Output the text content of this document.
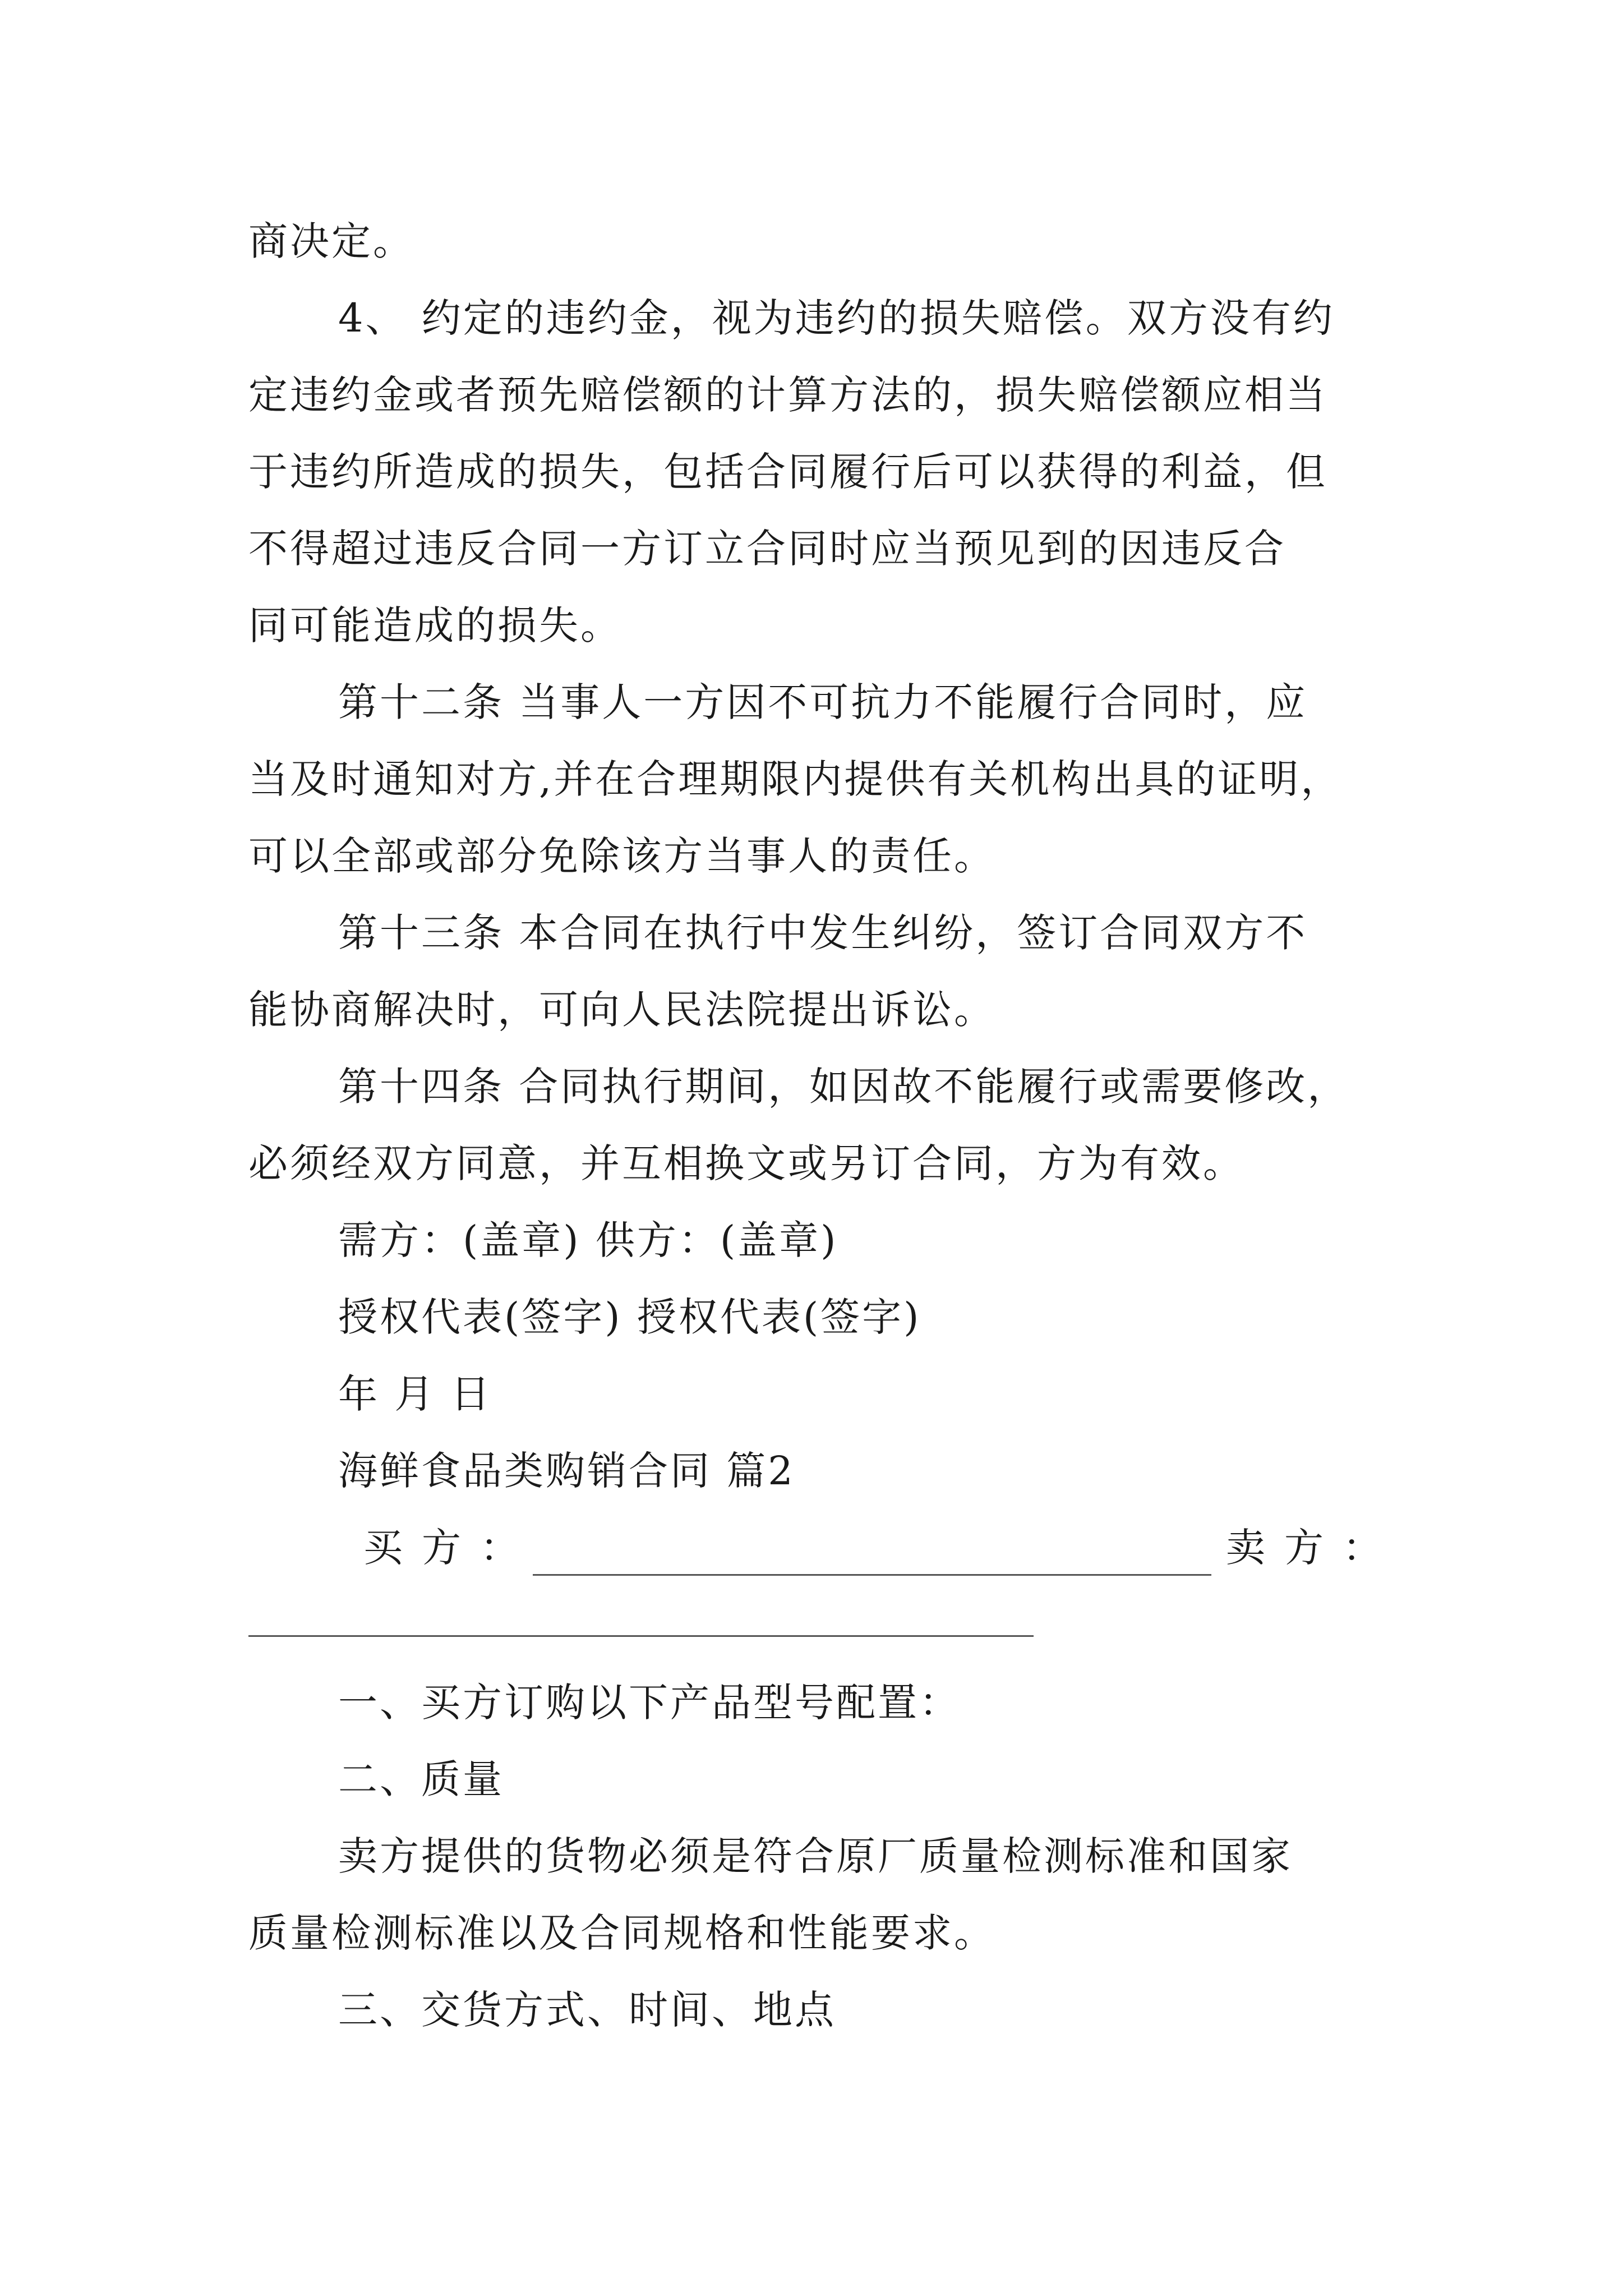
商决定。
4、 约定的违约金，视为违约的损失赔偿。双方没有约
定违约金或者预先赔偿额的计算方法的，损失赔偿额应相当
于违约所造成的损失，包括合同履行后可以获得的利益，但
不得超过违反合同一方订立合同时应当预见到的因违反合
同可能造成的损失。
第十二条 当事人一方因不可抗力不能履行合同时，应
当及时通知对方,并在合理期限内提供有关机构出具的证明，
可以全部或部分免除该方当事人的责任。
第十三条 本合同在执行中发生纠纷，签订合同双方不
能协商解决时，可向人民法院提出诉讼。
第十四条 合同执行期间，如因故不能履行或需要修改，
必须经双方同意，并互相换文或另订合同，方为有效。
需方：(盖章) 供方：(盖章)
授权代表(签字) 授权代表(签字)
年 月 日
海鲜食品类购销合同 篇2
买方：	卖方：
一、买方订购以下产品型号配置：
二、质量
卖方提供的货物必须是符合原厂质量检测标准和国家
质量检测标准以及合同规格和性能要求。
三、交货方式、时间、地点
